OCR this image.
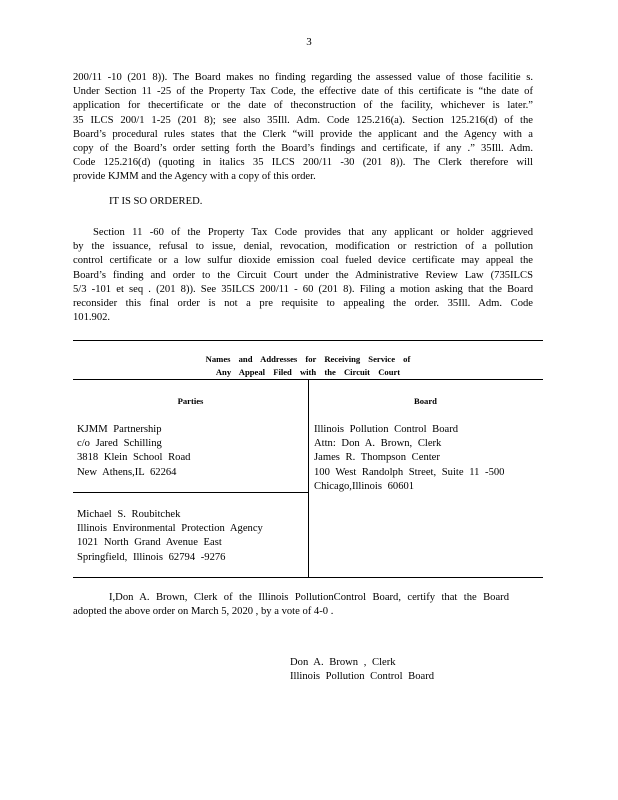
3
200/11 -10 (201 8)). The Board makes no finding regarding the assessed value of those facilitie s.
Under Section 11 -25 of the Property Tax Code, the effective date of this certificate is “the date of
application for thecertificate or the date of theconstruction of the facility, whichever is later.”
35 ILCS 200/1 1-25 (201 8); see also 35Ill. Adm. Code 125.216(a). Section 125.216(d) of the
Board’s procedural rules states that the Clerk “will provide the applicant and the Agency with a
copy of the Board’s order setting forth the Board’s findings and certificate, if any .” 35Ill. Adm.
Code 125.216(d) (quoting in italics 35 ILCS 200/11 -30 (201 8)). The Clerk therefore will
provide KJMM and the Agency with a copy of this order.
IT IS SO ORDERED.
Section 11 -60 of the Property Tax Code provides that any applicant or holder aggrieved
by the issuance, refusal to issue, denial, revocation, modification or restriction of a pollution
control certificate or a low sulfur dioxide emission coal fueled device certificate may appeal the
Board’s finding and order to the Circuit Court under the Administrative Review Law (735ILCS
5/3 -101 et seq . (201 8)). See 35ILCS 200/11 - 60 (201 8). Filing a motion asking that the Board
reconsider this final order is not a pre requisite to appealing the order. 35Ill. Adm. Code
101.902.
Names and Addresses for Receiving Service of
Any Appeal Filed with the Circuit Court
Parties	Board
KJMM Partnership
c/o Jared Schilling
3818 Klein School Road
New Athens,IL 62264
Michael S. Roubitchek
Illinois Environmental Protection Agency
1021 North Grand Avenue East
Springfield, Illinois 62794 -9276
Illinois Pollution Control Board
Attn: Don A. Brown, Clerk
James R. Thompson Center
100 West Randolph Street, Suite 11 -500
Chicago,Illinois 60601
I,Don A. Brown, Clerk of the Illinois PollutionControl Board, certify that the Board
adopted the above order on March 5, 2020 , by a vote of 4-0 .
Don A. Brown , Clerk
Illinois Pollution Control Board
